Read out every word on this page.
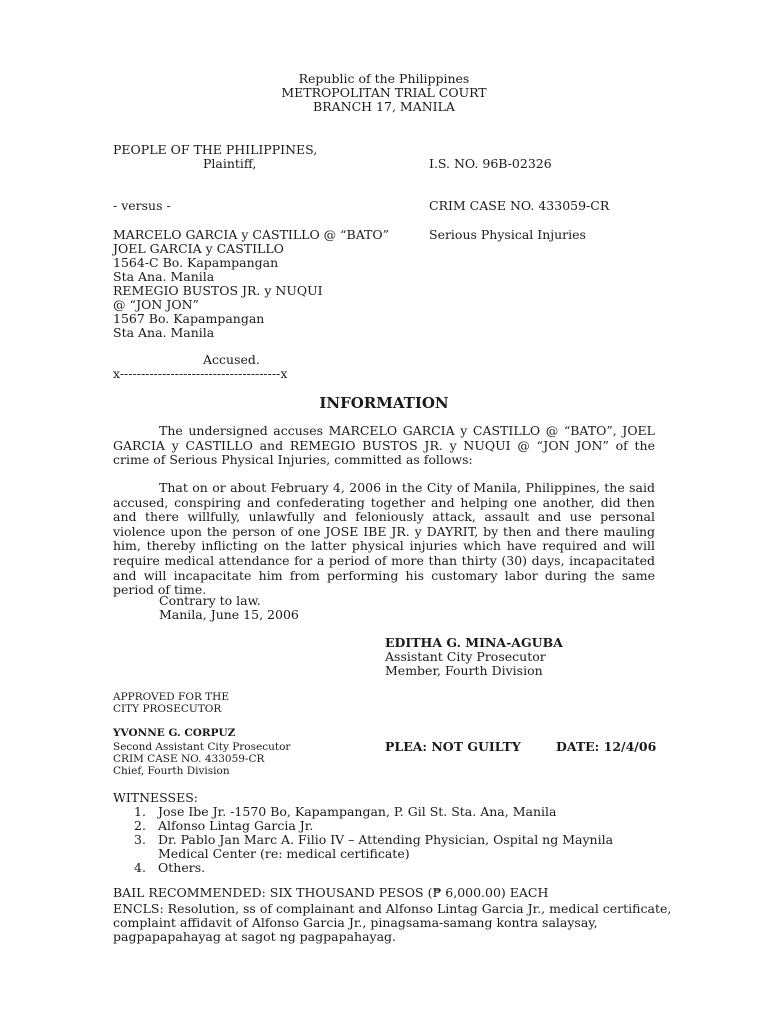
Republic of the Philippines
METROPOLITAN TRIAL COURT
BRANCH 17, MANILA
PEOPLE OF THE PHILIPPINES,
Plaintiff,	I.S. NO. 96B-02326
- versus -	CRIM CASE NO. 433059-CR
MARCELO GARCIA y CASTILLO @ “BATO”	Serious Physical Injuries
JOEL GARCIA y CASTILLO
1564-C Bo. Kapampangan
Sta Ana. Manila
REMEGIO BUSTOS JR. y NUQUI
@ “JON JON”
1567 Bo. Kapampangan
Sta Ana. Manila
Accused.
x--------------------------------------x
INFORMATION
The undersigned accuses MARCELO GARCIA y CASTILLO @ “BATO”, JOEL GARCIA y CASTILLO and REMEGIO BUSTOS JR. y NUQUI @ “JON JON” of the crime of Serious Physical Injuries, committed as follows:
That on or about February 4, 2006 in the City of Manila, Philippines, the said accused, conspiring and confederating together and helping one another, did then and there willfully, unlawfully and feloniously attack, assault and use personal violence upon the person of one JOSE IBE JR. y DAYRIT, by then and there mauling him, thereby inflicting on the latter physical injuries which have required and will require medical attendance for a period of more than thirty (30) days, incapacitated and will incapacitate him from performing his customary labor during the same period of time.
Contrary to law.
Manila, June 15, 2006
EDITHA G. MINA-AGUBA
Assistant City Prosecutor
Member, Fourth Division
APPROVED FOR THE
CITY PROSECUTOR
YVONNE G. CORPUZ
Second Assistant City Prosecutor
CRIM CASE NO. 433059-CR
Chief, Fourth Division
PLEA: NOT GUILTY	DATE: 12/4/06
WITNESSES:
1. Jose Ibe Jr. -1570 Bo, Kapampangan, P. Gil St. Sta. Ana, Manila
2. Alfonso Lintag Garcia Jr.
3. Dr. Pablo Jan Marc A. Filio IV – Attending Physician, Ospital ng Maynila
Medical Center (re: medical certificate)
4. Others.
BAIL RECOMMENDED: SIX THOUSAND PESOS (₱ 6,000.00) EACH
ENCLS: Resolution, ss of complainant and Alfonso Lintag Garcia Jr., medical certificate,
complaint affidavit of Alfonso Garcia Jr., pinagsama-samang kontra salaysay,
pagpapapahayag at sagot ng pagpapahayag.
